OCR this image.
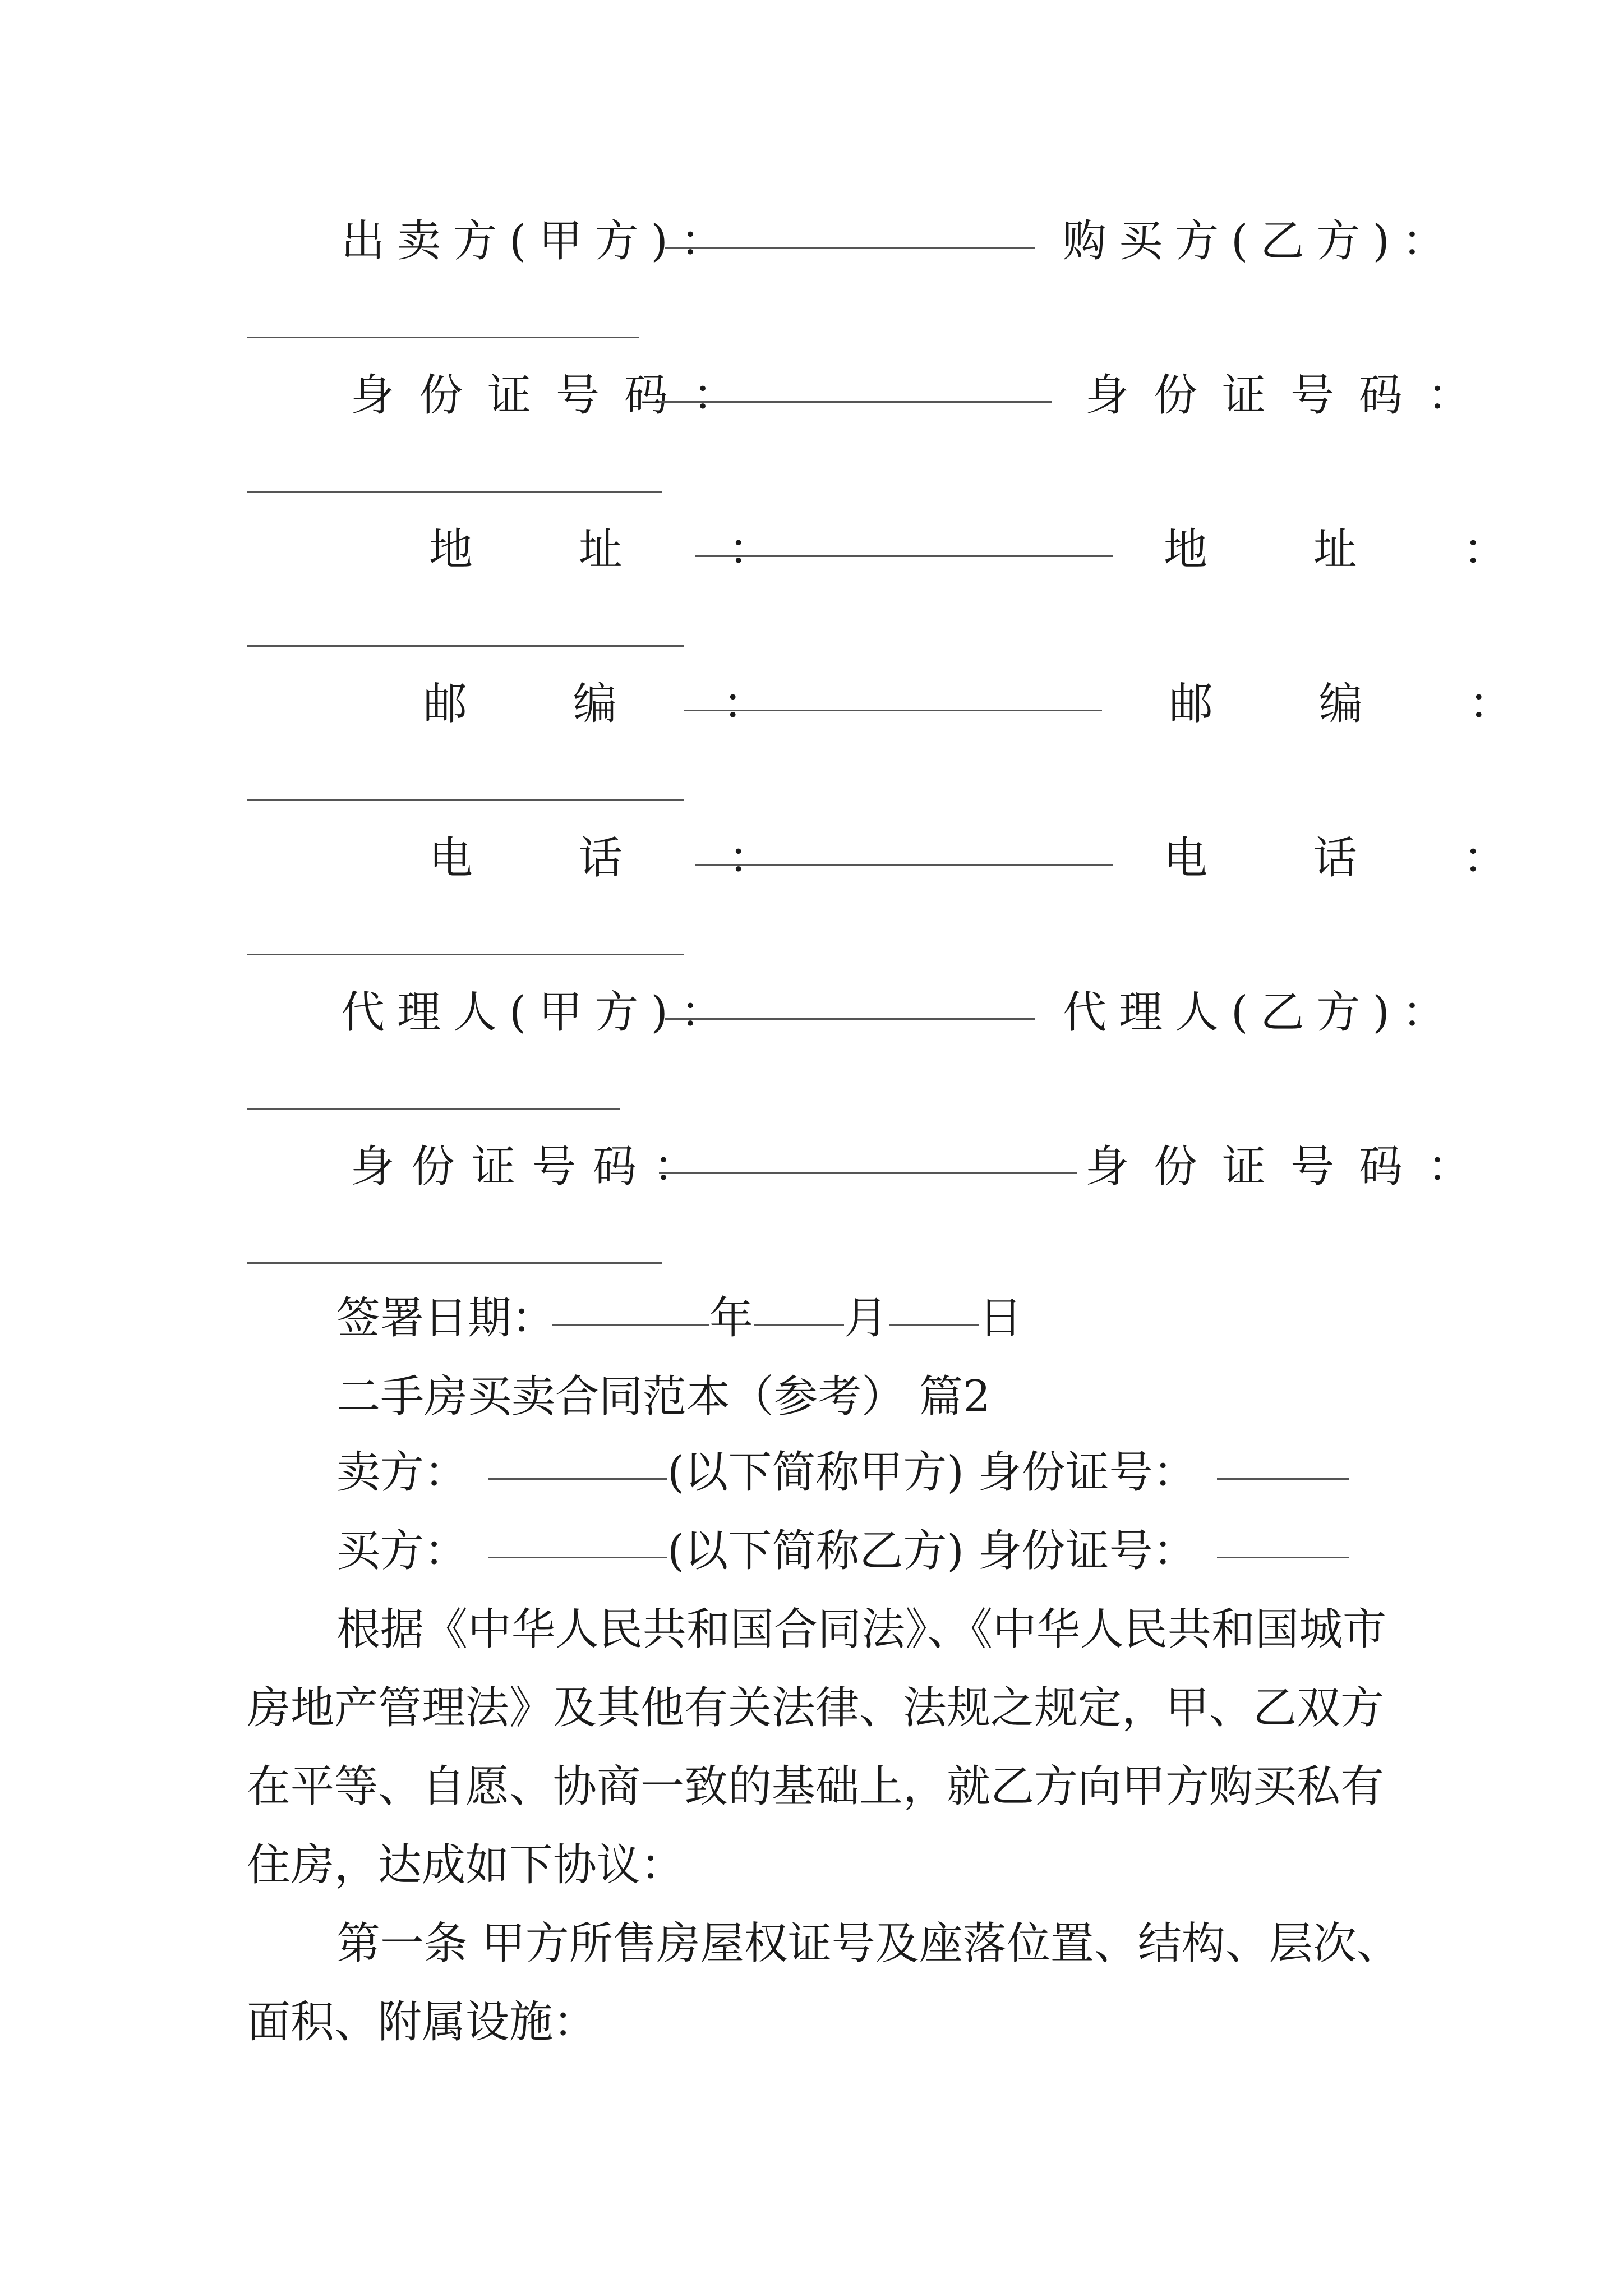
出卖方(甲方)：	购买方(乙方)：
身份证号码：	身份证号码：
地 址 ：	地 址 ：
邮 编 ：	邮 编 ：
电 话 ：	电 话 ：
代理人(甲方)：	代理人(乙方)：
身份证号码：	身份证号码：
签署日期：	年 月 日
二手房买卖合同范本（参考） 篇2
卖方：	(以下简称甲方) 身份证号：
买方：	(以下简称乙方) 身份证号：
根据《中华人民共和国合同法》、《中华人民共和国城市
房地产管理法》及其他有关法律、法规之规定，甲、乙双方
在平等、自愿、协商一致的基础上，就乙方向甲方购买私有
住房，达成如下协议：
第一条 甲方所售房屋权证号及座落位置、结构、层次、
面积、附属设施：
